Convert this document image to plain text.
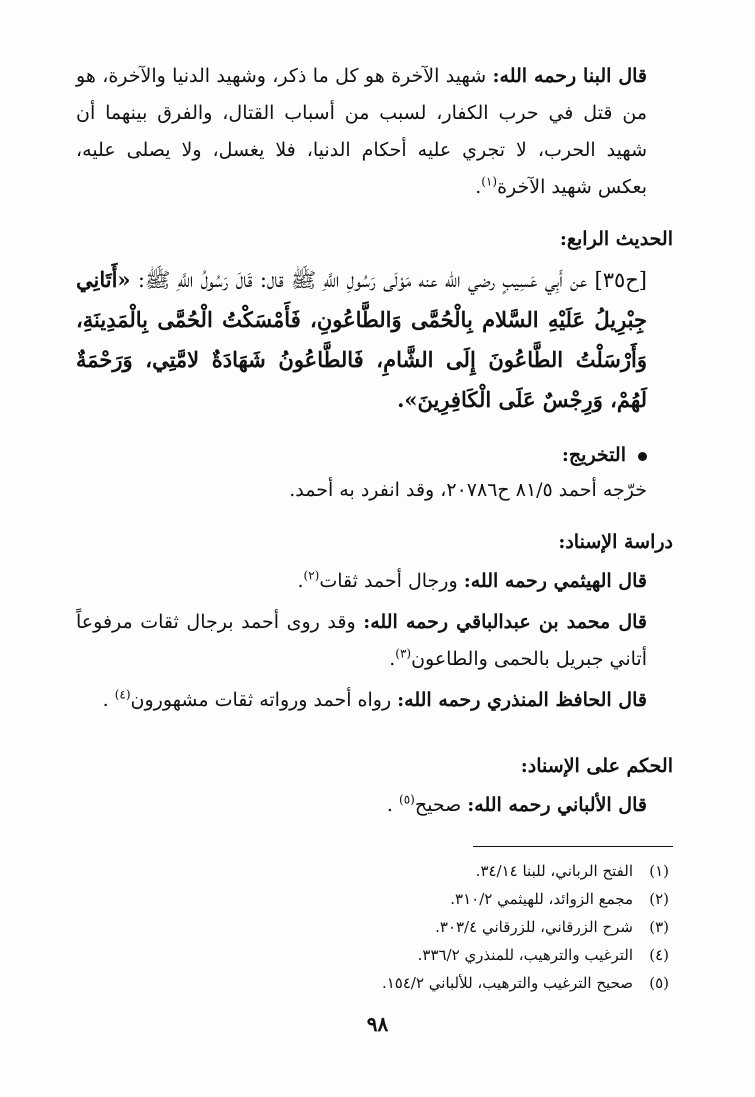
قال البنا رحمه الله: شهيد الآخرة هو كل ما ذكر، وشهيد الدنيا والآخرة، هو من قتل في حرب الكفار، لسبب من أسباب القتال، والفرق بينهما أن شهيد الحرب، لا تجري عليه أحكام الدنيا، فلا يغسل، ولا يصلى عليه، بعكس شهيد الآخرة$^{(١)}$.

الحديث الرابع:

[ح٣٥] عن أَبِي عَسِيبٍ رضي الله عنه مَوْلَى رَسُولِ اللَّهِ ﷺ قال: قَالَ رَسُولُ اللَّهِ ﷺ: «أَتَانِي جِبْرِيلُ عَلَيْهِ السَّلام بِالْحُمَّى وَالطَّاعُونِ، فَأَمْسَكْتُ الْحُمَّى بِالْمَدِينَةِ، وَأَرْسَلْتُ الطَّاعُونَ إِلَى الشَّامِ، فَالطَّاعُونُ شَهَادَةٌ لامَّتِي، وَرَحْمَةٌ لَهُمْ، وَرِجْسٌ عَلَى الْكَافِرِينَ».

التخريج:

خرّجه أحمد ٨١/٥ ح٢٠٧٨٦، وقد انفرد به أحمد.

دراسة الإسناد:

قال الهيثمي رحمه الله: ورجال أحمد ثقات$^{(٢)}$.

قال محمد بن عبدالباقي رحمه الله: وقد روى أحمد برجال ثقات مرفوعاً أتاني جبريل بالحمى والطاعون$^{(٣)}$.

قال الحافظ المنذري رحمه الله: رواه أحمد ورواته ثقات مشهورون$^{(٤)}$ .

الحكم على الإسناد:

قال الألباني رحمه الله: صحيح$^{(٥)}$ .

(١)الفتح الرباني، للبنا ٣٤/١٤.
(٢)مجمع الزوائد، للهيثمي ٣١٠/٢.
(٣)شرح الزرقاني، للزرقاني ٣٠٣/٤.
(٤)الترغيب والترهيب، للمنذري ٣٣٦/٢.
(٥)صحيح الترغيب والترهيب، للألباني ١٥٤/٢.
٩٨
